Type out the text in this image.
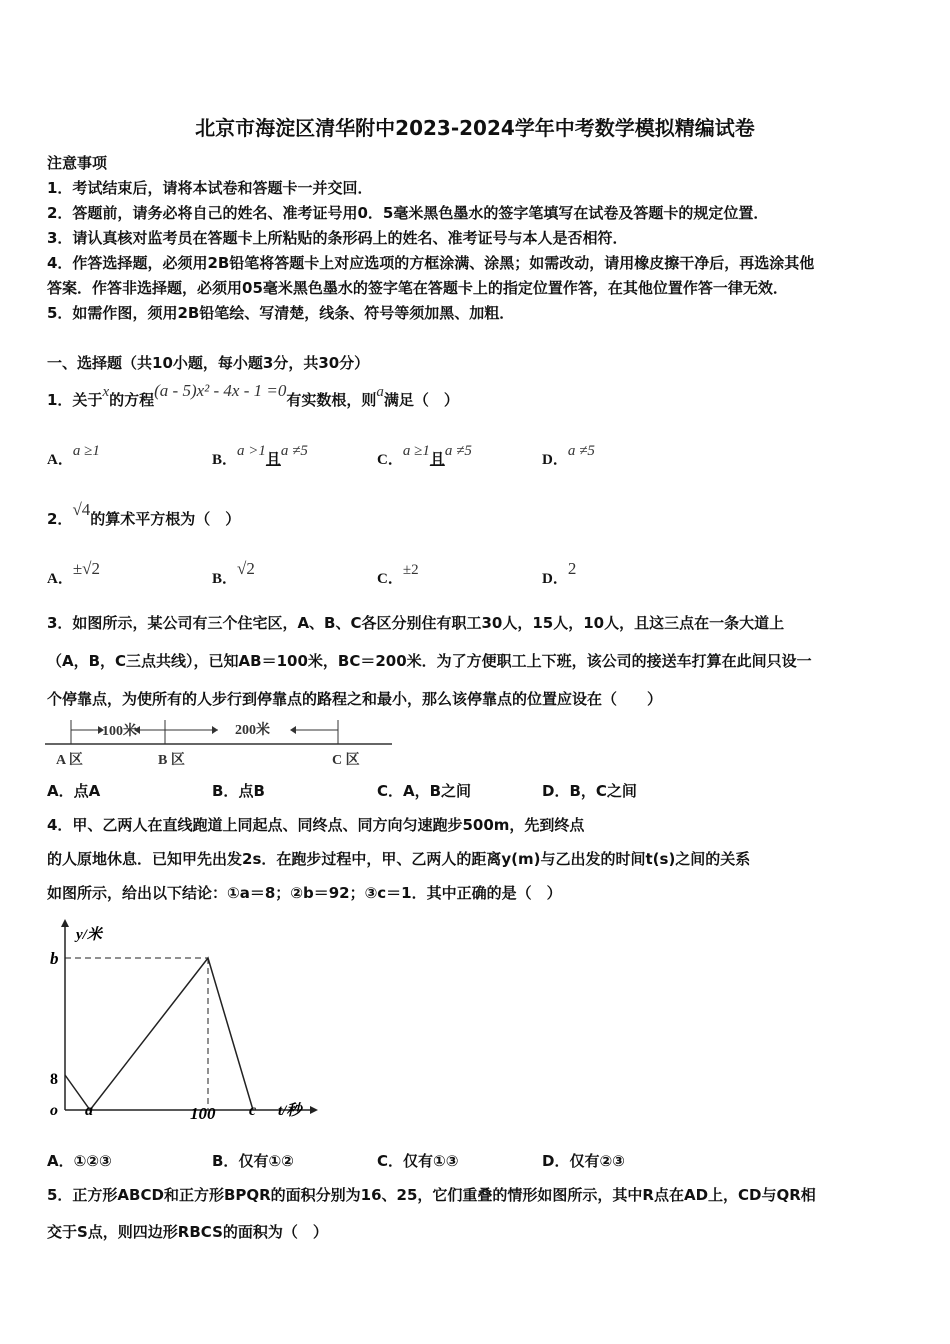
北京市海淀区清华附中2023-2024学年中考数学模拟精编试卷
注意事项
1．考试结束后，请将本试卷和答题卡一并交回．
2．答题前，请务必将自己的姓名、准考证号用0．5毫米黑色墨水的签字笔填写在试卷及答题卡的规定位置．
3．请认真核对监考员在答题卡上所粘贴的条形码上的姓名、准考证号与本人是否相符．
4．作答选择题，必须用2B铅笔将答题卡上对应选项的方框涂满、涂黑；如需改动，请用橡皮擦干净后，再选涂其他
答案．作答非选择题，必须用05毫米黑色墨水的签字笔在答题卡上的指定位置作答，在其他位置作答一律无效．
5．如需作图，须用2B铅笔绘、写清楚，线条、符号等须加黑、加粗．
一、选择题（共10小题，每小题3分，共30分）
1．关于x的方程(a - 5)x² - 4x - 1 =0有实数根，则a满足（　）
A．a ≥1
B．a >1且a ≠5
C．a ≥1且a ≠5
D．a ≠5
2．√4的算术平方根为（　）
A．±√2
B．√2
C．±2
D．2
3．如图所示，某公司有三个住宅区，A、B、C各区分别住有职工30人，15人，10人，且这三点在一条大道上
（A，B，C三点共线），已知AB＝100米，BC＝200米．为了方便职工上下班，该公司的接送车打算在此间只设一
个停靠点，为使所有的人步行到停靠点的路程之和最小，那么该停靠点的位置应设在（　　）
100米	200米
A 区	B 区	C 区
A．点A	B．点B	C．A，B之间	D．B，C之间
4．甲、乙两人在直线跑道上同起点、同终点、同方向匀速跑步500m，先到终点
的人原地休息．已知甲先出发2s．在跑步过程中，甲、乙两人的距离y(m)与乙出发的时间t(s)之间的关系
如图所示，给出以下结论：①a＝8；②b＝92；③c＝1．其中正确的是（　）
y/米
b
8
o a	100 c t/秒
A．①②③	B．仅有①②	C．仅有①③	D．仅有②③
5．正方形ABCD和正方形BPQR的面积分别为16、25，它们重叠的情形如图所示，其中R点在AD上，CD与QR相
交于S点，则四边形RBCS的面积为（　）
